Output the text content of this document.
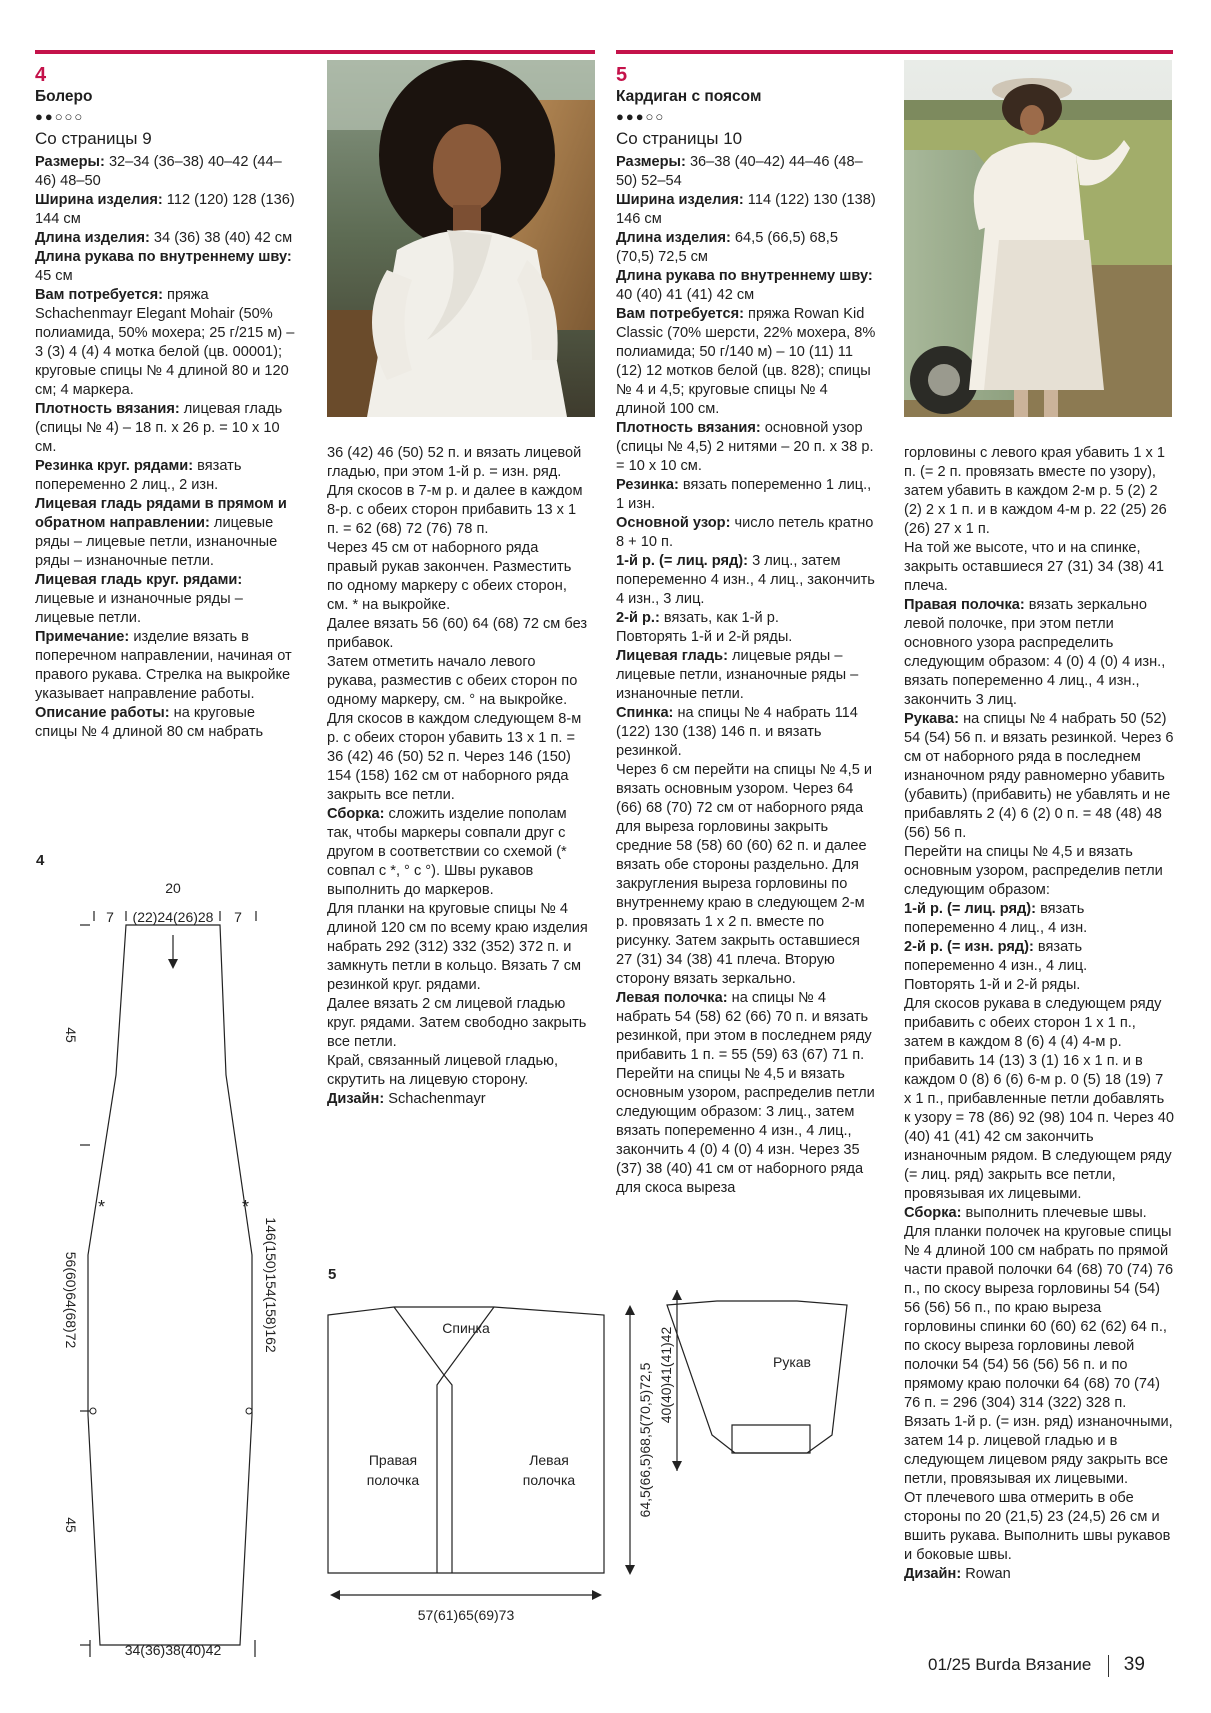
4
Болеро
●●○○○
Со страницы 9

Размеры: 32–34 (36–38) 40–42 (44–46) 48–50

Ширина изделия: 112 (120) 128 (136) 144 см

Длина изделия: 34 (36) 38 (40) 42 см

Длина рукава по внутреннему шву: 45 см

Вам потребуется: пряжа Schachenmayr Elegant Mohair (50% полиамида, 50% мохера; 25 г/215 м) – 3 (3) 4 (4) 4 мотка белой (цв. 00001); круговые спицы № 4 длиной 80 и 120 см; 4 маркера.

Плотность вязания: лицевая гладь (спицы № 4) – 18 п. x 26 р. = 10 x 10 см.

Резинка круг. рядами: вязать попеременно 2 лиц., 2 изн.

Лицевая гладь рядами в прямом и обратном направлении: лицевые ряды – лицевые петли, изнаночные ряды – изнаночные петли.

Лицевая гладь круг. рядами: лицевые и изнаночные ряды – лицевые петли.

Примечание: изделие вязать в поперечном направлении, начиная от правого рукава. Стрелка на выкройке указывает направление работы.

Описание работы: на круговые спицы № 4 длиной 80 см набрать

36 (42) 46 (50) 52 п. и вязать лицевой гладью, при этом 1-й р. = изн. ряд.

Для скосов в 7-м р. и далее в каждом 8-р. с обеих сторон прибавить 13 x 1 п. = 62 (68) 72 (76) 78 п.

Через 45 см от наборного ряда правый рукав закончен. Разместить по одному маркеру с обеих сторон, см. * на выкройке.

Далее вязать 56 (60) 64 (68) 72 см без прибавок.

Затем отметить начало левого рукава, разместив с обеих сторон по одному маркеру, см. ° на выкройке.

Для скосов в каждом следующем 8-м р. с обеих сторон убавить 13 x 1 п. = 36 (42) 46 (50) 52 п. Через 146 (150) 154 (158) 162 см от наборного ряда закрыть все петли.

Сборка: сложить изделие пополам так, чтобы маркеры совпали друг с другом в соответствии со схемой (* совпал с *, ° с °). Швы рукавов выполнить до маркеров.

Для планки на круговые спицы № 4 длиной 120 см по всему краю изделия набрать 292 (312) 332 (352) 372 п. и замкнуть петли в кольцо. Вязать 7 см резинкой круг. рядами.

Далее вязать 2 см лицевой гладью круг. рядами. Затем свободно закрыть все петли.

Край, связанный лицевой гладью, скрутить на лицевую сторону.

Дизайн: Schachenmayr

4
20
7 (22)24(26)28 7
*	*
45
56(60)64(68)72
45
146(150)154(158)162
34(36)38(40)42
5
Кардиган с поясом
●●●○○
Со страницы 10

Размеры: 36–38 (40–42) 44–46 (48–50) 52–54

Ширина изделия: 114 (122) 130 (138) 146 см

Длина изделия: 64,5 (66,5) 68,5 (70,5) 72,5 см

Длина рукава по внутреннему шву: 40 (40) 41 (41) 42 см

Вам потребуется: пряжа Rowan Kid Classic (70% шерсти, 22% мохера, 8% полиамида; 50 г/140 м) – 10 (11) 11 (12) 12 мотков белой (цв. 828); спицы № 4 и 4,5; круговые спицы № 4 длиной 100 см.

Плотность вязания: основной узор (спицы № 4,5) 2 нитями – 20 п. x 38 р. = 10 x 10 см.

Резинка: вязать попеременно 1 лиц., 1 изн.

Основной узор: число петель кратно 8 + 10 п.

1-й р. (= лиц. ряд): 3 лиц., затем попеременно 4 изн., 4 лиц., закончить 4 изн., 3 лиц.

2-й р.: вязать, как 1-й р.

Повторять 1-й и 2-й ряды.

Лицевая гладь: лицевые ряды – лицевые петли, изнаночные ряды – изнаночные петли.

Спинка: на спицы № 4 набрать 114 (122) 130 (138) 146 п. и вязать резинкой.

Через 6 см перейти на спицы № 4,5 и вязать основным узором. Через 64 (66) 68 (70) 72 см от наборного ряда для выреза горловины закрыть средние 58 (58) 60 (60) 62 п. и далее вязать обе стороны раздельно. Для закругления выреза горловины по внутреннему краю в следующем 2-м р. провязать 1 x 2 п. вместе по рисунку. Затем закрыть оставшиеся 27 (31) 34 (38) 41 плеча. Вторую сторону вязать зеркально.

Левая полочка: на спицы № 4 набрать 54 (58) 62 (66) 70 п. и вязать резинкой, при этом в последнем ряду прибавить 1 п. = 55 (59) 63 (67) 71 п.

Перейти на спицы № 4,5 и вязать основным узором, распределив петли следующим образом: 3 лиц., затем вязать попеременно 4 изн., 4 лиц., закончить 4 (0) 4 (0) 4 изн. Через 35 (37) 38 (40) 41 см от наборного ряда для скоса выреза

горловины с левого края убавить 1 x 1 п. (= 2 п. провязать вместе по узору), затем убавить в каждом 2-м р. 5 (2) 2 (2) 2 x 1 п. и в каждом 4-м р. 22 (25) 26 (26) 27 x 1 п.

На той же высоте, что и на спинке, закрыть оставшиеся 27 (31) 34 (38) 41 плеча.

Правая полочка: вязать зеркально левой полочке, при этом петли основного узора распределить следующим образом: 4 (0) 4 (0) 4 изн., вязать попеременно 4 лиц., 4 изн., закончить 3 лиц.

Рукава: на спицы № 4 набрать 50 (52) 54 (54) 56 п. и вязать резинкой. Через 6 см от наборного ряда в последнем изнаночном ряду равномерно убавить (убавить) (прибавить) не убавлять и не прибавлять 2 (4) 6 (2) 0 п. = 48 (48) 48 (56) 56 п.

Перейти на спицы № 4,5 и вязать основным узором, распределив петли следующим образом:

1-й р. (= лиц. ряд): вязать попеременно 4 лиц., 4 изн.

2-й р. (= изн. ряд): вязать попеременно 4 изн., 4 лиц.

Повторять 1-й и 2-й ряды.

Для скосов рукава в следующем ряду прибавить с обеих сторон 1 x 1 п., затем в каждом 8 (6) 4 (4) 4-м р. прибавить 14 (13) 3 (1) 16 x 1 п. и в каждом 0 (8) 6 (6) 6-м р. 0 (5) 18 (19) 7 x 1 п., прибавленные петли добавлять к узору = 78 (86) 92 (98) 104 п. Через 40 (40) 41 (41) 42 см закончить изнаночным рядом. В следующем ряду (= лиц. ряд) закрыть все петли, провязывая их лицевыми.

Сборка: выполнить плечевые швы. Для планки полочек на круговые спицы № 4 длиной 100 см набрать по прямой части правой полочки 64 (68) 70 (74) 76 п., по скосу выреза горловины 54 (54) 56 (56) 56 п., по краю выреза горловины спинки 60 (60) 62 (62) 64 п., по скосу выреза горловины левой полочки 54 (54) 56 (56) 56 п. и по прямому краю полочки 64 (68) 70 (74) 76 п. = 296 (304) 314 (322) 328 п.

Вязать 1-й р. (= изн. ряд) изнаночными, затем 14 р. лицевой гладью и в следующем лицевом ряду закрыть все петли, провязывая их лицевыми.

От плечевого шва отмерить в обе стороны по 20 (21,5) 23 (24,5) 26 см и вшить рукава. Выполнить швы рукавов и боковые швы.

Дизайн: Rowan

5
Спинка
Правая
полочка
Левая
полочка	64,5(66,5)68,5(70,5)72,5
57(61)65(69)73
Рукав
40(40)41(41)42
01/25 Burda Вязание 39
